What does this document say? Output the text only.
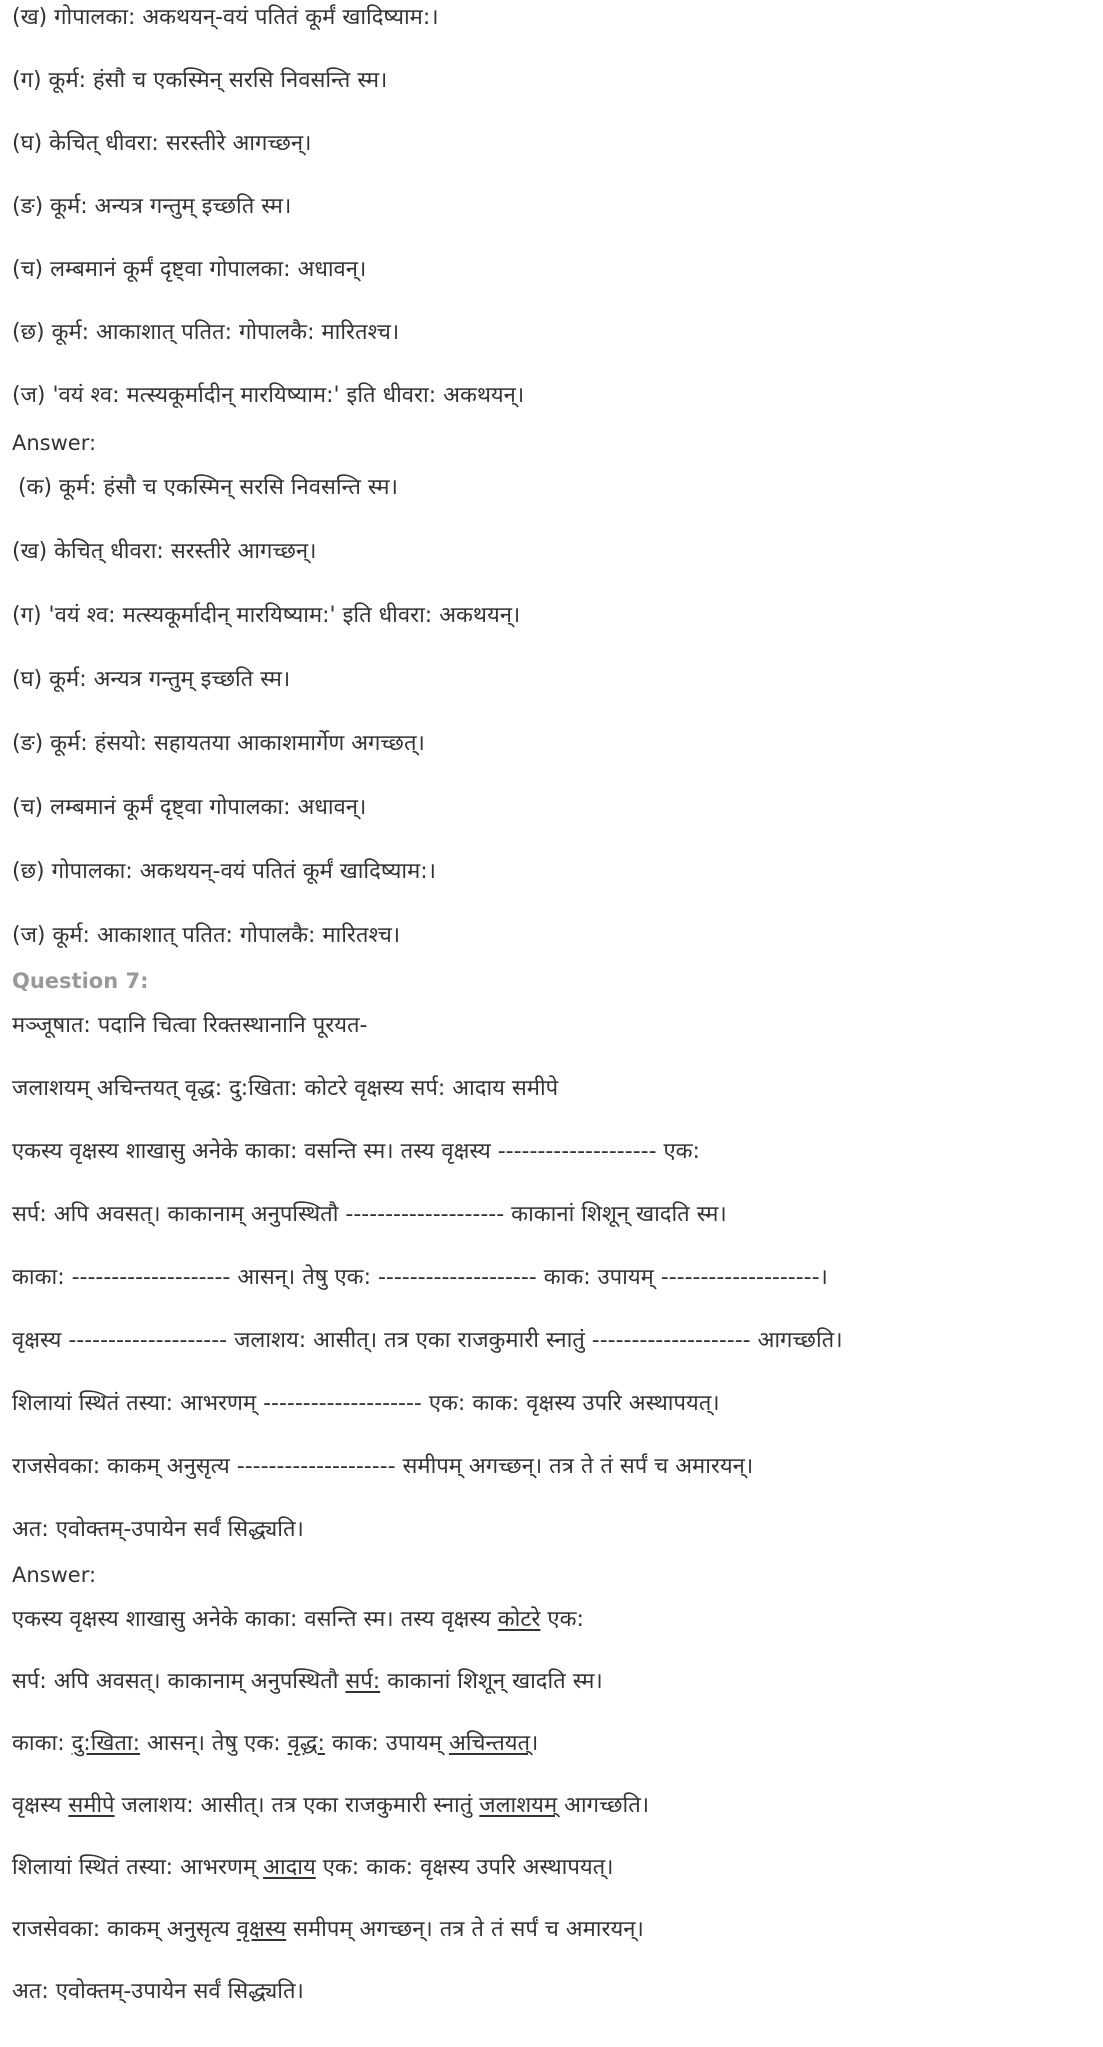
(ख) गोपालका: अकथयन्-वयं पतितं कूर्मं खादिष्याम:।

(ग) कूर्म: हंसौ च एकस्मिन् सरसि निवसन्ति स्म।

(घ) केचित् धीवरा: सरस्तीरे आगच्छन्।

(ङ) कूर्म: अन्यत्र गन्तुम् इच्छति स्म।

(च) लम्बमानं कूर्मं दृष्ट्वा गोपालका: अधावन्।

(छ) कूर्म: आकाशात् पतित: गोपालकै: मारितश्च।

(ज) 'वयं श्व: मत्स्यकूर्मादीन् मारयिष्याम:' इति धीवरा: अकथयन्।

Answer:

(क) कूर्म: हंसौ च एकस्मिन् सरसि निवसन्ति स्म।

(ख) केचित् धीवरा: सरस्तीरे आगच्छन्।

(ग) 'वयं श्व: मत्स्यकूर्मादीन् मारयिष्याम:' इति धीवरा: अकथयन्।

(घ) कूर्म: अन्यत्र गन्तुम् इच्छति स्म।

(ङ) कूर्म: हंसयो: सहायतया आकाशमार्गेण अगच्छत्।

(च) लम्बमानं कूर्मं दृष्ट्वा गोपालका: अधावन्।

(छ) गोपालका: अकथयन्-वयं पतितं कूर्मं खादिष्याम:।

(ज) कूर्म: आकाशात् पतित: गोपालकै: मारितश्च।

Question 7:

मञ्जूषात: पदानि चित्वा रिक्तस्थानानि पूरयत-

जलाशयम् अचिन्तयत् वृद्ध: दु:खिता: कोटरे वृक्षस्य सर्प: आदाय समीपे

एकस्य वृक्षस्य शाखासु अनेके काका: वसन्ति स्म। तस्य वृक्षस्य -------------------- एक:

सर्प: अपि अवसत्। काकानाम् अनुपस्थितौ -------------------- काकानां शिशून् खादति स्म।

काका: -------------------- आसन्। तेषु एक: -------------------- काक: उपायम् --------------------।

वृक्षस्य -------------------- जलाशय: आसीत्। तत्र एका राजकुमारी स्नातुं -------------------- आगच्छति।

शिलायां स्थितं तस्या: आभरणम् -------------------- एक: काक: वृक्षस्य उपरि अस्थापयत्।

राजसेवका: काकम् अनुसृत्य -------------------- समीपम् अगच्छन्। तत्र ते तं सर्पं च अमारयन्।

अत: एवोक्तम्-उपायेन सर्वं सिद्ध्यति।

Answer:

एकस्य वृक्षस्य शाखासु अनेके काका: वसन्ति स्म। तस्य वृक्षस्य कोटरे एक:

सर्प: अपि अवसत्। काकानाम् अनुपस्थितौ सर्प: काकानां शिशून् खादति स्म।

काका: दु:खिता: आसन्। तेषु एक: वृद्ध: काक: उपायम् अचिन्तयत्।

वृक्षस्य समीपे जलाशय: आसीत्। तत्र एका राजकुमारी स्नातुं जलाशयम् आगच्छति।

शिलायां स्थितं तस्या: आभरणम् आदाय एक: काक: वृक्षस्य उपरि अस्थापयत्।

राजसेवका: काकम् अनुसृत्य वृक्षस्य समीपम् अगच्छन्। तत्र ते तं सर्पं च अमारयन्।

अत: एवोक्तम्-उपायेन सर्वं सिद्ध्यति।
